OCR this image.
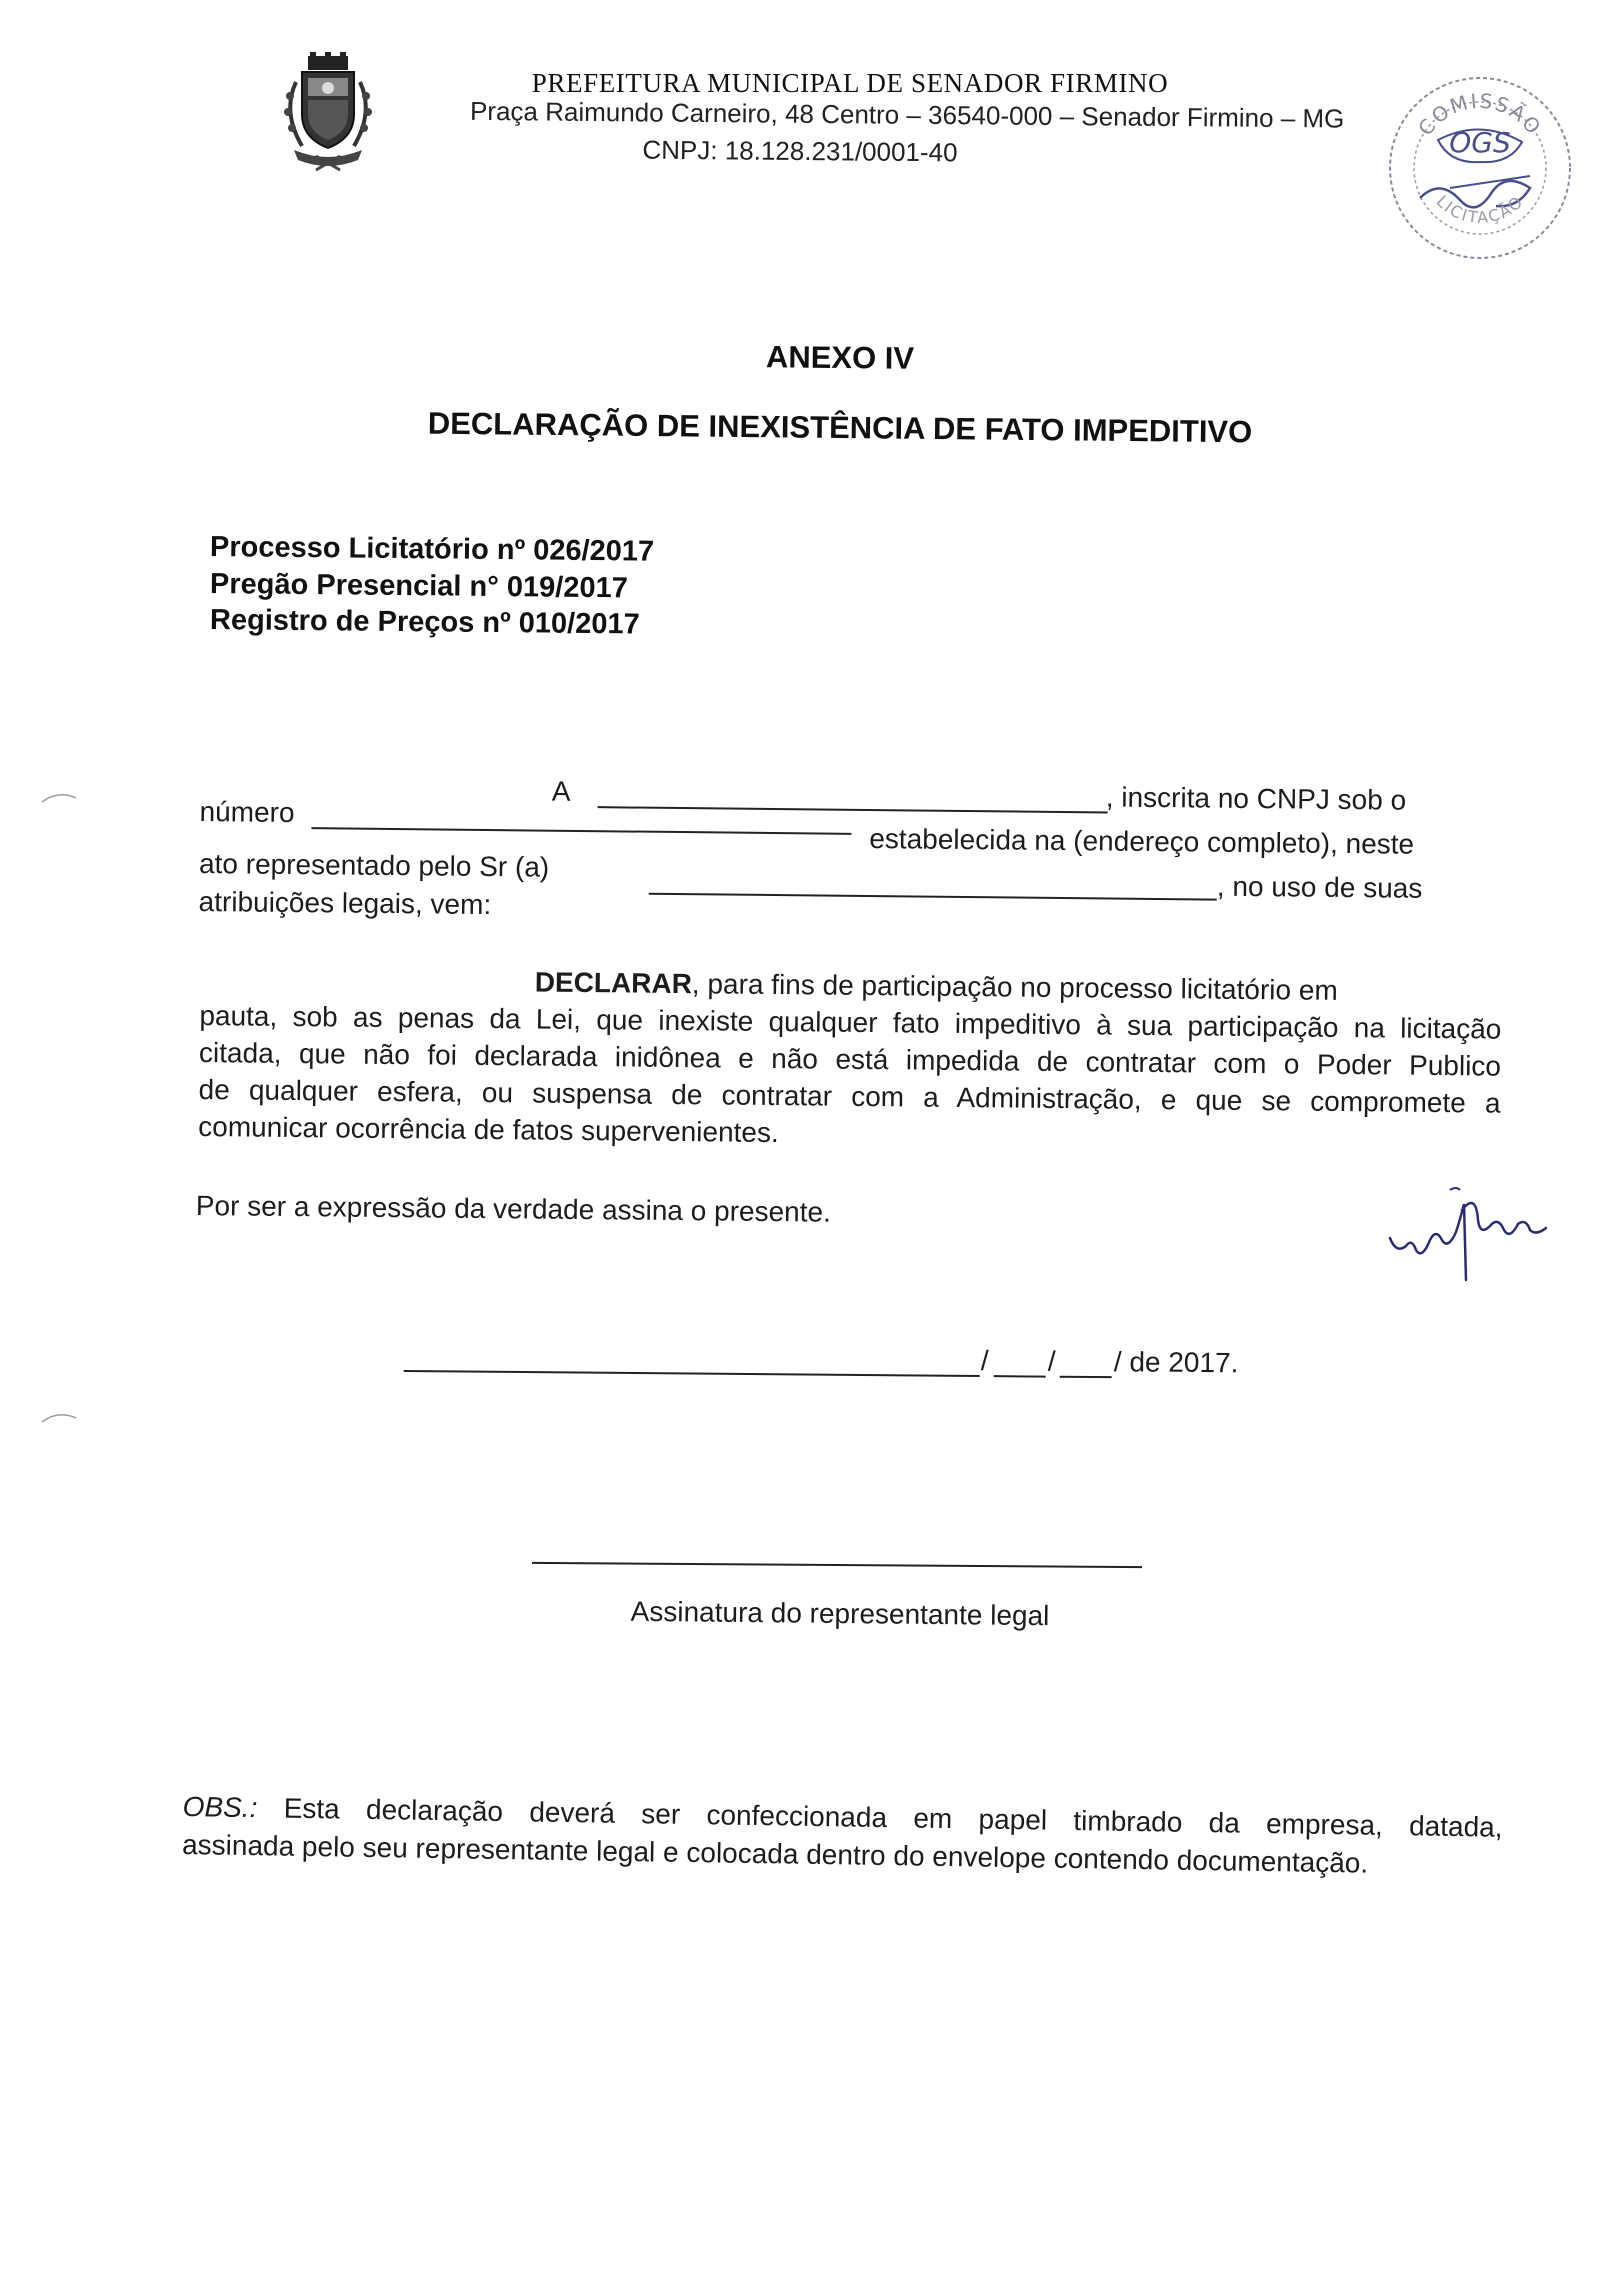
PREFEITURA MUNICIPAL DE SENADOR FIRMINO
Praça Raimundo Carneiro, 48 Centro – 36540-000 – Senador Firmino – MG
CNPJ: 18.128.231/0001-40
COMISSÃO
OGS
LICITAÇÃO
ANEXO IV
DECLARAÇÃO DE INEXISTÊNCIA DE FATO IMPEDITIVO
Processo Licitatório nº 026/2017
Pregão Presencial n° 019/2017
Registro de Preços nº 010/2017
A	, inscrita no CNPJ sob o
número
estabelecida na (endereço completo), neste
ato representado pelo Sr (a)
, no uso de suas
atribuições legais, vem:
DECLARAR, para fins de participação no processo licitatório em
pauta, sob as penas da Lei, que inexiste qualquer fato impeditivo à sua participação na licitação
citada, que não foi declarada inidônea e não está impedida de contratar com o Poder Publico
de qualquer esfera, ou suspensa de contratar com a Administração, e que se compromete a
comunicar ocorrência de fatos supervenientes.
Por ser a expressão da verdade assina o presente.
/ / / de 2017.
Assinatura do representante legal
OBS.: Esta declaração deverá ser confeccionada em papel timbrado da empresa, datada,
assinada pelo seu representante legal e colocada dentro do envelope contendo documentação.
